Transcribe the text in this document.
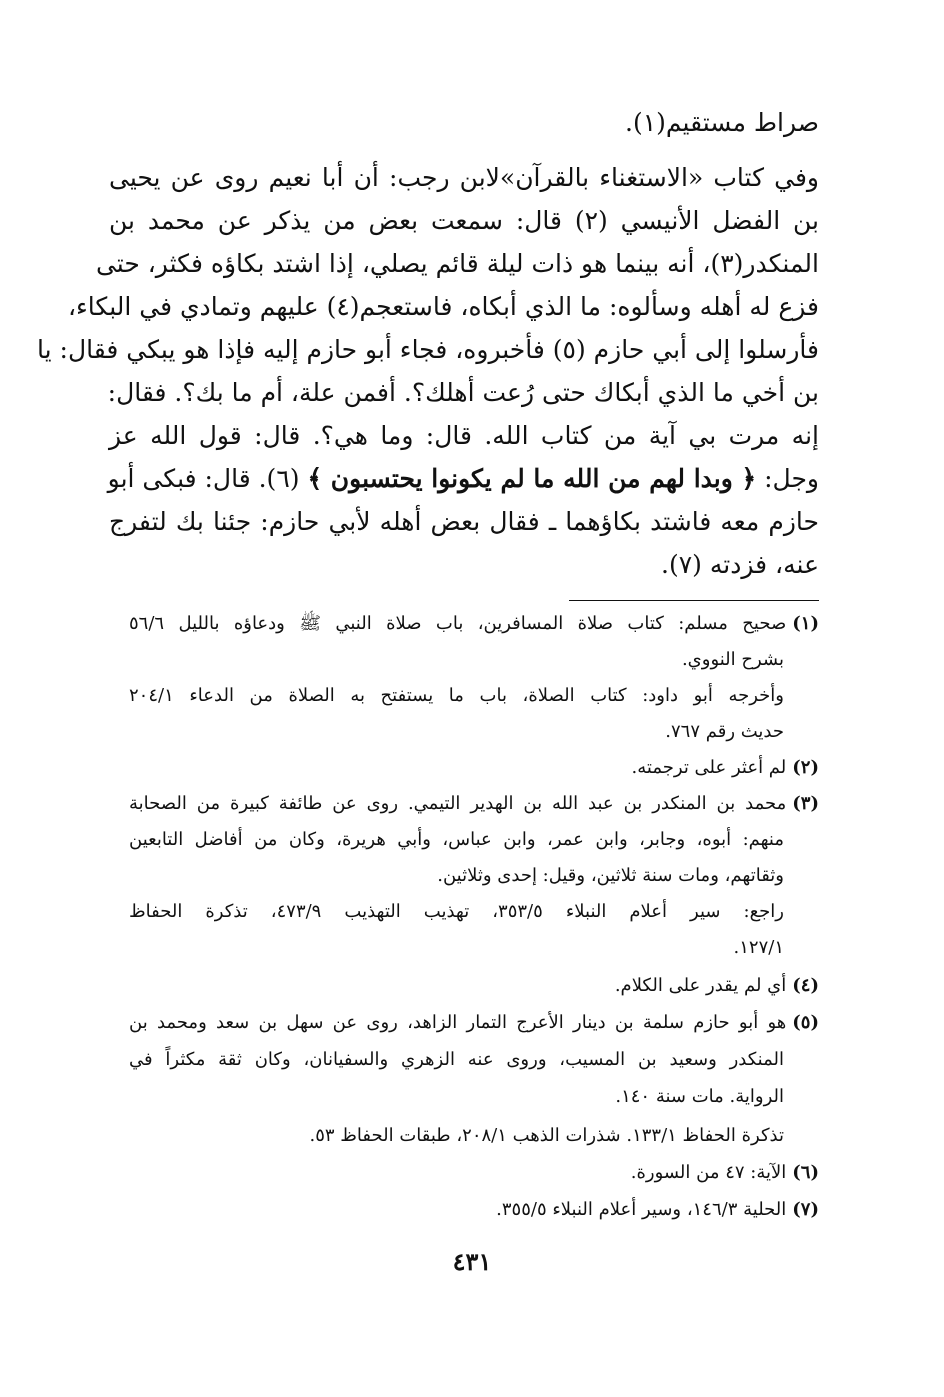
صراط مستقيم(١).
وفي كتاب «الاستغناء بالقرآن»لابن رجب: أن أبا نعيم روى عن يحيى
بن الفضل الأنيسي (٢) قال: سمعت بعض من يذكر عن محمد بن
المنكدر(٣)، أنه بينما هو ذات ليلة قائم يصلي، إذا اشتد بكاؤه فكثر، حتى
فزع له أهله وسألوه: ما الذي أبكاه، فاستعجم(٤) عليهم وتمادي في البكاء،
فأرسلوا إلى أبي حازم (٥) فأخبروه، فجاء أبو حازم إليه فإذا هو يبكي فقال: يا
بن أخي ما الذي أبكاك حتى رُعت أهلك؟. أفمن علة، أم ما بك؟. فقال:
إنه مرت بي آية من كتاب الله. قال: وما هي؟. قال: قول الله عز
وجل: ﴿ وبدا لهم من الله ما لم يكونوا يحتسبون ﴾ (٦). قال: فبكى أبو
حازم معه فاشتد بكاؤهما ـ فقال بعض أهله لأبي حازم: جئنا بك لتفرج
عنه، فزدته (٧).
(١)صحيح مسلم: كتاب صلاة المسافرين، باب صلاة النبي ﷺ ودعاؤه بالليل ٥٦/٦
بشرح النووي.
وأخرجه أبو داود: كتاب الصلاة، باب ما يستفتح به الصلاة من الدعاء ٢٠٤/١
حديث رقم ٧٦٧.
(٢)لم أعثر على ترجمته.
(٣)محمد بن المنكدر بن عبد الله بن الهدير التيمي. روى عن طائفة كبيرة من الصحابة
منهم: أبوه، وجابر، وابن عمر، وابن عباس، وأبي هريرة، وكان من أفاضل التابعين
وثقاتهم، ومات سنة ثلاثين، وقيل: إحدى وثلاثين.
راجع: سير أعلام النبلاء ٣٥٣/٥، تهذيب التهذيب ٤٧٣/٩، تذكرة الحفاظ
١٢٧/١.
(٤)أي لم يقدر على الكلام.
(٥)هو أبو حازم سلمة بن دينار الأعرج التمار الزاهد، روى عن سهل بن سعد ومحمد بن
المنكدر وسعيد بن المسيب، وروى عنه الزهري والسفيانان، وكان ثقة مكثراً في
الرواية. مات سنة ١٤٠.
تذكرة الحفاظ ١٣٣/١. شذرات الذهب ٢٠٨/١، طبقات الحفاظ ٥٣.
(٦)الآية: ٤٧ من السورة.
(٧)الحلية ١٤٦/٣، وسير أعلام النبلاء ٣٥٥/٥.
٤٣١
